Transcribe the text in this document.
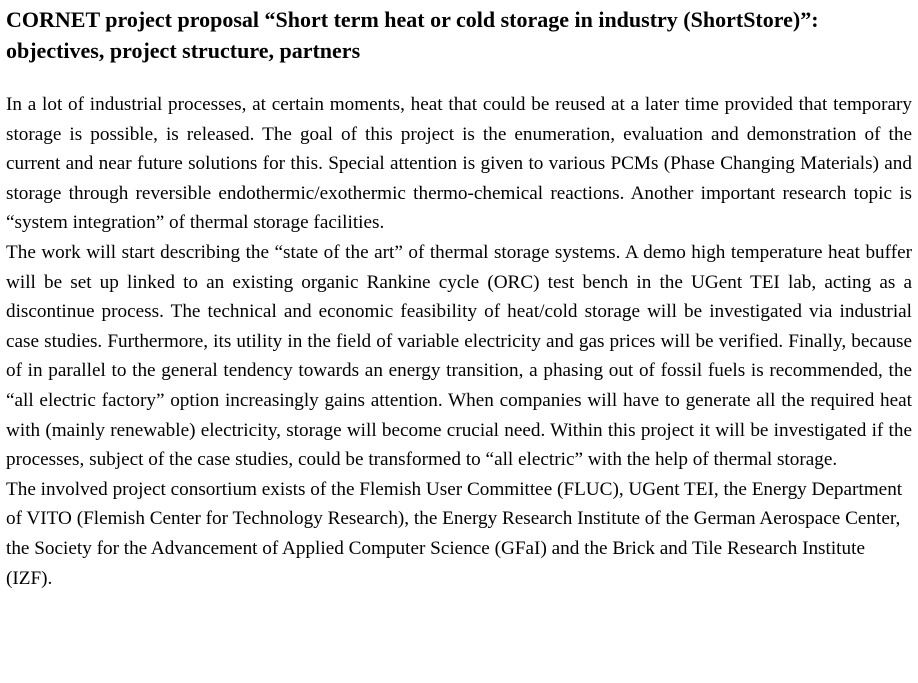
CORNET project proposal “Short term heat or cold storage in industry (ShortStore)”: objectives, project structure, partners

In a lot of industrial processes, at certain moments, heat that could be reused at a later time provided that temporary storage is possible, is released. The goal of this project is the enumeration, evaluation and demonstration of the current and near future solutions for this. Special attention is given to various PCMs (Phase Changing Materials) and storage through reversible endothermic/exothermic thermo-chemical reactions. Another important research topic is “system integration” of thermal storage facilities.

The work will start describing the “state of the art” of thermal storage systems. A demo high temperature heat buffer will be set up linked to an existing organic Rankine cycle (ORC) test bench in the UGent TEI lab, acting as a discontinue process. The technical and economic feasibility of heat/cold storage will be investigated via industrial case studies. Furthermore, its utility in the field of variable electricity and gas prices will be verified. Finally, because of in parallel to the general tendency towards an energy transition, a phasing out of fossil fuels is recommended, the “all electric factory” option increasingly gains attention. When companies will have to generate all the required heat with (mainly renewable) electricity, storage will become crucial need. Within this project it will be investigated if the processes, subject of the case studies, could be transformed to “all electric” with the help of thermal storage.

The involved project consortium exists of the Flemish User Committee (FLUC), UGent TEI, the Energy Department of VITO (Flemish Center for Technology Research), the Energy Research Institute of the German Aerospace Center, the Society for the Advancement of Applied Computer Science (GFaI) and the Brick and Tile Research Institute (IZF).
